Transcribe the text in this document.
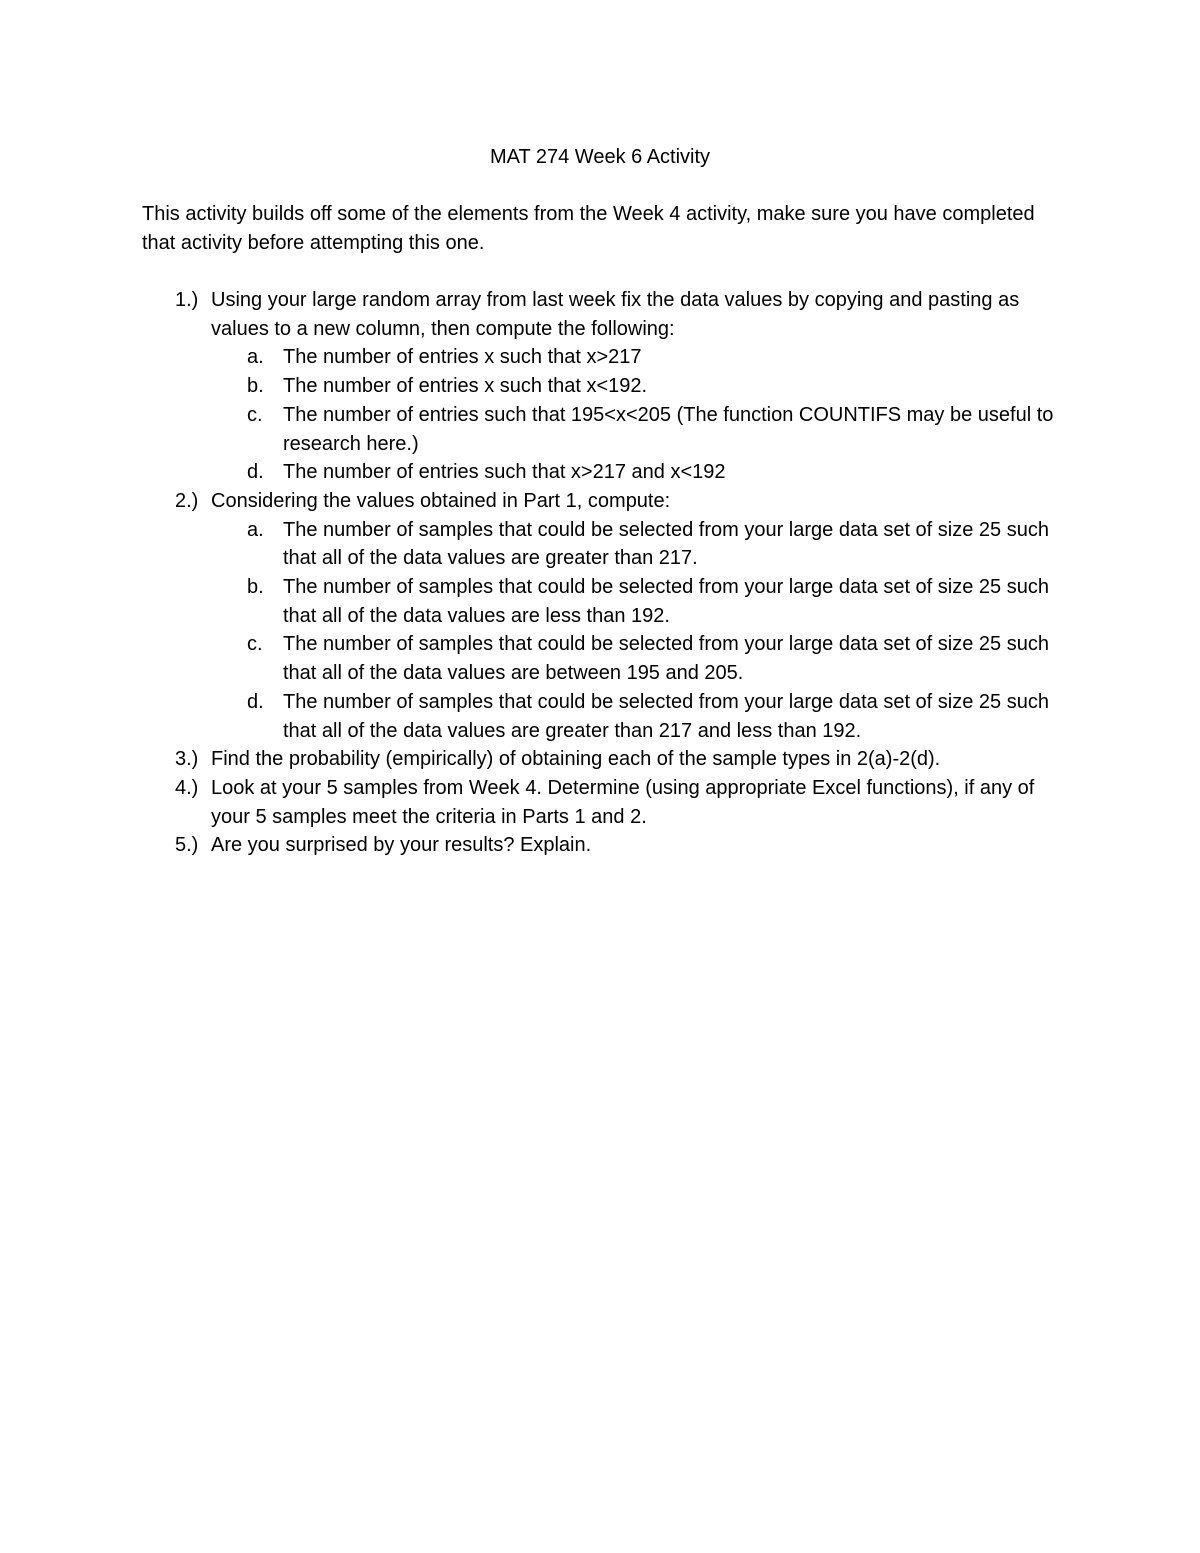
MAT 274 Week 6 Activity
This activity builds off some of the elements from the Week 4 activity, make sure you have completed that activity before attempting this one.
1.) Using your large random array from last week fix the data values by copying and pasting as values to a new column, then compute the following:
a. The number of entries x such that x>217
b. The number of entries x such that x<192.
c. The number of entries such that 195<x<205 (The function COUNTIFS may be useful to research here.)
d. The number of entries such that x>217 and x<192
2.) Considering the values obtained in Part 1, compute:
a. The number of samples that could be selected from your large data set of size 25 such that all of the data values are greater than 217.
b. The number of samples that could be selected from your large data set of size 25 such that all of the data values are less than 192.
c. The number of samples that could be selected from your large data set of size 25 such that all of the data values are between 195 and 205.
d. The number of samples that could be selected from your large data set of size 25 such that all of the data values are greater than 217 and less than 192.
3.) Find the probability (empirically) of obtaining each of the sample types in 2(a)-2(d).
4.) Look at your 5 samples from Week 4. Determine (using appropriate Excel functions), if any of your 5 samples meet the criteria in Parts 1 and 2.
5.) Are you surprised by your results? Explain.
